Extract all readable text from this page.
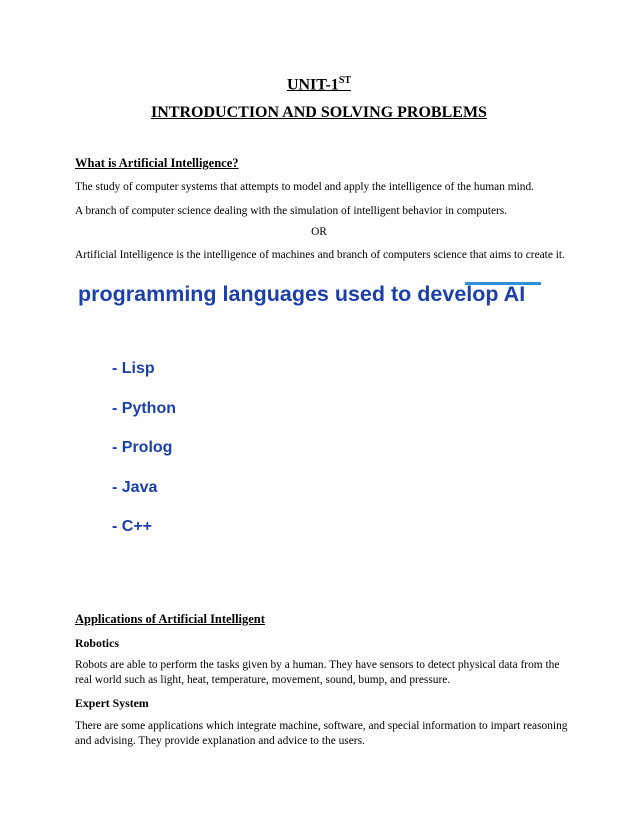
UNIT-1ST
INTRODUCTION AND SOLVING PROBLEMS
What is Artificial Intelligence?
The study of computer systems that attempts to model and apply the intelligence of the human mind.
A branch of computer science dealing with the simulation of intelligent behavior in computers.
OR
Artificial Intelligence is the intelligence of machines and branch of computers science that aims to create it.
programming languages used to develop AI
- Lisp
- Python
- Prolog
- Java
- C++
Applications of Artificial Intelligent
Robotics
Robots are able to perform the tasks given by a human. They have sensors to detect physical data from the real world such as light, heat, temperature, movement, sound, bump, and pressure.
Expert System
There are some applications which integrate machine, software, and special information to impart reasoning and advising. They provide explanation and advice to the users.
